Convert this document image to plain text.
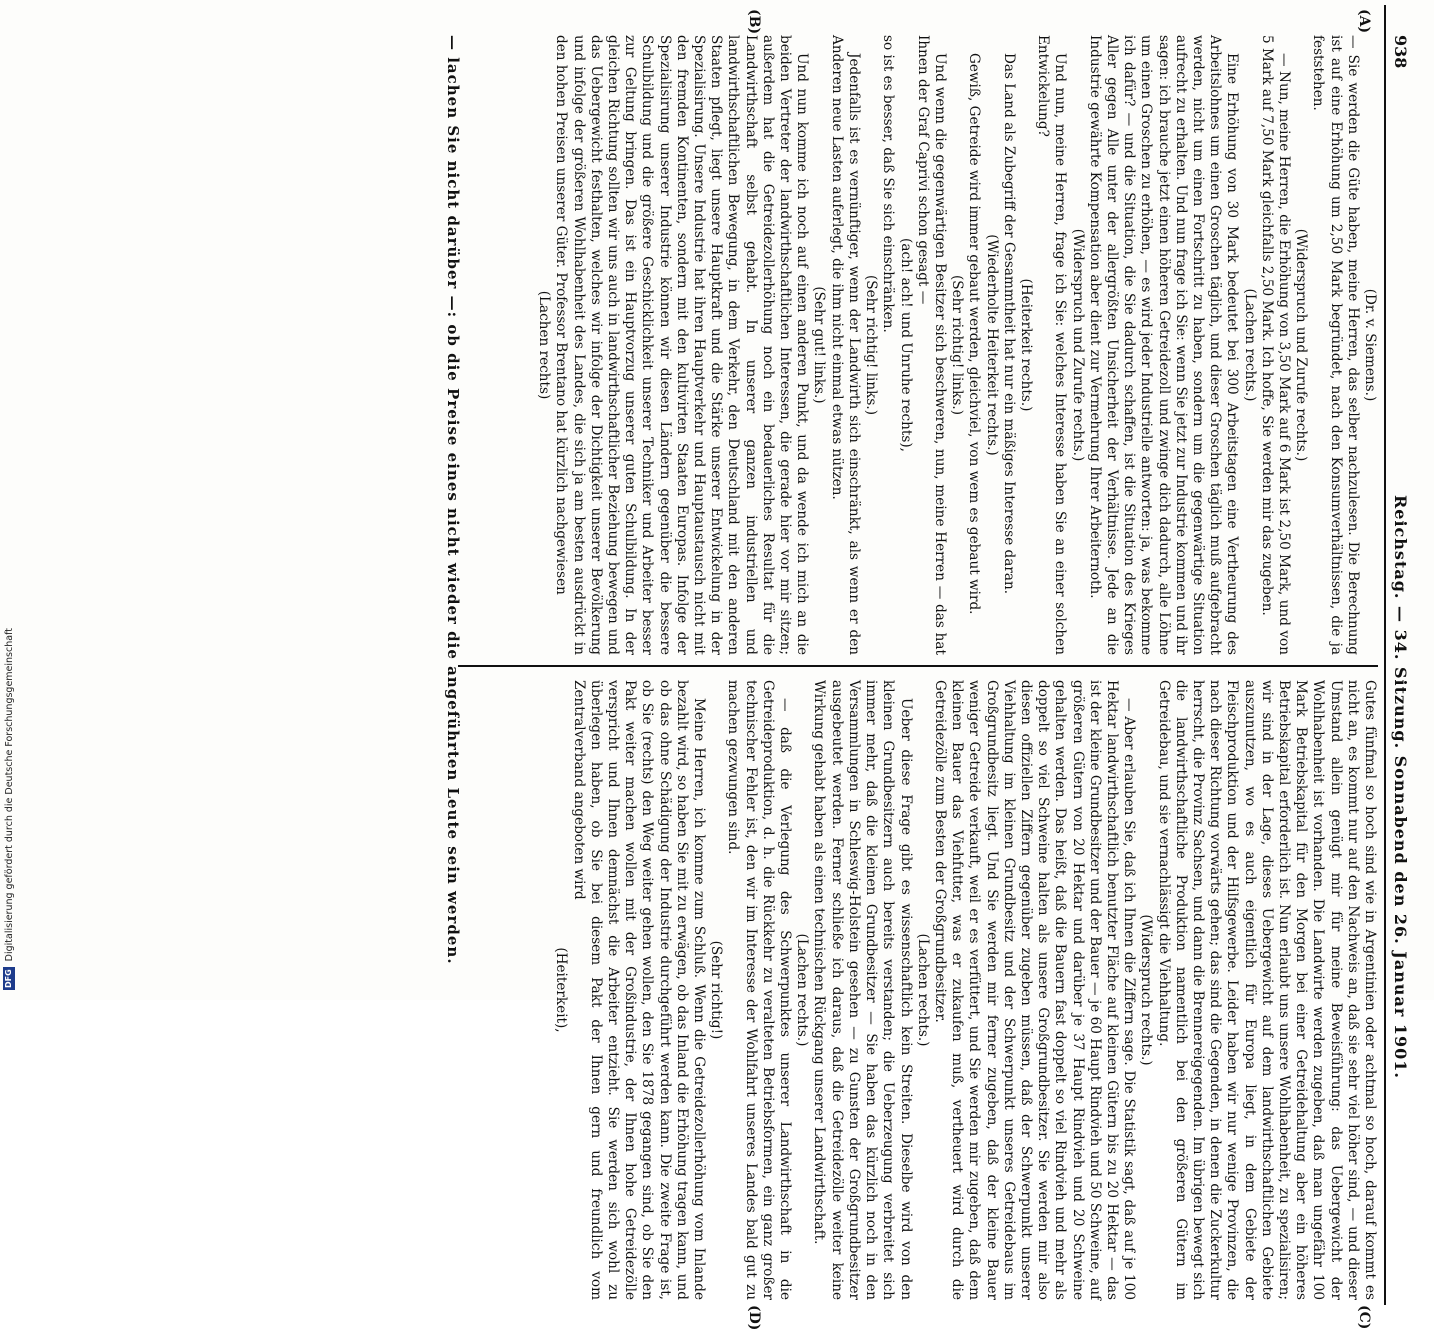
938
Reichstag. — 34. Sitzung. Sonnabend den 26. Januar 1901.
(A)
(B)
(C)
(D)

(Dr. v. Siemens.)

— Sie werden die Güte haben, meine Herren, das selber nachzulesen. Die Berechnung ist auf eine Erhöhung um 2,50 Mark begründet, nach den Konsumverhältnissen, die ja feststehen.

(Widerspruch und Zurufe rechts.)

— Nun, meine Herren, die Erhöhung von 3,50 Mark auf 6 Mark ist 2,50 Mark, und von 5 Mark auf 7,50 Mark gleichfalls 2,50 Mark. Ich hoffe, Sie werden mir das zugeben.

(Lachen rechts.)

Eine Erhöhung von 30 Mark bedeutet bei 300 Arbeitstagen eine Vertheurung des Arbeitslohnes um einen Groschen täglich, und dieser Groschen täglich muß aufgebracht werden, nicht um einen Fortschritt zu haben, sondern um die gegenwärtige Situation aufrecht zu erhalten. Und nun frage ich Sie: wenn Sie jetzt zur Industrie kommen und ihr sagen: ich brauche jetzt einen höheren Getreidezoll und zwinge dich dadurch, alle Löhne um einen Groschen zu erhöhen, — es wird jeder Industrielle antworten: ja, was bekomme ich dafür? — und die Situation, die Sie dadurch schaffen, ist die Situation des Krieges Aller gegen Alle unter der allergrößten Unsicherheit der Verhältnisse. Jede an die Industrie gewährte Kompensation aber dient zur Vermehrung Ihrer Arbeiternoth.

(Widerspruch und Zurufe rechts.)

Und nun, meine Herren, frage ich Sie: welches Interesse haben Sie an einer solchen Entwickelung?

(Heiterkeit rechts.)

Das Land als Zubegriff der Gesammtheit hat nur ein mäßiges Interesse daran.

(Wiederholte Heiterkeit rechts.)

Gewiß, Getreide wird immer gebaut werden, gleichviel, von wem es gebaut wird.

(Sehr richtig! links.)

Und wenn die gegenwärtigen Besitzer sich beschweren, nun, meine Herren — das hat Ihnen der Graf Caprivi schon gesagt —

(ach! ach! und Unruhe rechts),

so ist es besser, daß Sie sich einschränken.

(Sehr richtig! links.)

Jedenfalls ist es vernünftiger, wenn der Landwirth sich einschränkt, als wenn er den Anderen neue Lasten auferlegt, die ihm nicht einmal etwas nützen.

(Sehr gut! links.)

Und nun komme ich noch auf einen anderen Punkt, und da wende ich mich an die beiden Vertreter der landwirthschaftlichen Interessen, die gerade hier vor mir sitzen; außerdem hat die Getreidezollerhöhung noch ein bedauerliches Resultat für die Landwirthschaft selbst gehabt. In unserer ganzen industriellen und landwirthschaftlichen Bewegung, in dem Verkehr, den Deutschland mit den anderen Staaten pflegt, liegt unsere Hauptkraft und die Stärke unserer Entwickelung in der Spezialisirung. Unsere Industrie hat ihren Hauptverkehr und Hauptaustausch nicht mit den fremden Kontinenten, sondern mit den kultivirten Staaten Europas. Infolge der Spezialisirung unserer Industrie können wir diesen Ländern gegenüber die bessere Schulbildung und die größere Geschicklichkeit unserer Techniker und Arbeiter besser zur Geltung bringen. Das ist ein Hauptvorzug unserer guten Schulbildung. In der gleichen Richtung sollten wir uns auch in landwirthschaftlicher Beziehung bewegen und das Uebergewicht festhalten, welches wir infolge der Dichtigkeit unserer Bevölkerung und infolge der größeren Wohlhabenheit des Landes, die sich ja am besten ausdrückt in den hohen Preisen unserer Güter. Professor Brentano hat kürzlich nachgewiesen

(Lachen rechts)

Gutes fünfmal so hoch sind wie in Argentinien oder achtmal so hoch, darauf kommt es nicht an, es kommt nur auf den Nachweis an, daß sie sehr viel höher sind, — und dieser Umstand allein genügt mir für meine Beweisführung: das Uebergewicht der Wohlhabenheit ist vorhanden. Die Landwirte werden zugeben, daß man ungefähr 100 Mark Betriebskapital für den Morgen bei einer Getreidehaltung aber ein höheres Betriebskapital erforderlich ist. Nun erlaubt uns unsere Wohlhabenheit, zu spezialisiren; wir sind in der Lage, dieses Uebergewicht auf dem landwirthschaftlichen Gebiete auszunutzen, wo es auch eigentlich für Europa liegt, in dem Gebiete der Fleischproduktion und der Hilfsgewerbe. Leider haben wir nur wenige Provinzen, die nach dieser Richtung vorwärts gehen; das sind die Gegenden, in denen die Zuckerkultur herrscht, die Provinz Sachsen, und dann die Brennereigegenden. Im übrigen bewegt sich die landwirthschaftliche Produktion namentlich bei den größeren Gütern im Getreidebau, und sie vernachlässigt die Viehhaltung.

(Widerspruch rechts.)

— Aber erlauben Sie, daß ich Ihnen die Ziffern sage. Die Statistik sagt, daß auf je 100 Hektar landwirthschaftlich benutzter Fläche auf kleinen Gütern bis zu 20 Hektar — das ist der kleine Grundbesitzer und der Bauer — je 60 Haupt Rindvieh und 50 Schweine, auf größeren Gütern von 20 Hektar und darüber je 37 Haupt Rindvieh und 20 Schweine gehalten werden. Das heißt, daß die Bauern fast doppelt so viel Rindvieh und mehr als doppelt so viel Schweine halten als unsere Großgrundbesitzer. Sie werden mir also diesen offiziellen Ziffern gegenüber zugeben müssen, daß der Schwerpunkt unserer Viehhaltung im kleinen Grundbesitz und der Schwerpunkt unseres Getreidebaus im Großgrundbesitz liegt. Und Sie werden mir ferner zugeben, daß der kleine Bauer weniger Getreide verkauft, weil er es verfüttert, und Sie werden mir zugeben, daß dem kleinen Bauer das Viehfutter, was er zukaufen muß, vertheuert wird durch die Getreidezölle zum Besten der Großgrundbesitzer.

(Lachen rechts.)

Ueber diese Frage gibt es wissenschaftlich kein Streiten. Dieselbe wird von den kleinen Grundbesitzern auch bereits verstanden; die Ueberzeugung verbreitet sich immer mehr, daß die kleinen Grundbesitzer — Sie haben das kürzlich noch in den Versammlungen in Schleswig-Holstein gesehen — zu Gunsten der Großgrundbesitzer ausgebeutet werden. Ferner schließe ich daraus, daß die Getreidezölle weiter keine Wirkung gehabt haben als einen technischen Rückgang unserer Landwirthschaft.

(Lachen rechts.)

— daß die Verlegung des Schwerpunktes unserer Landwirthschaft in die Getreideproduktion, d. h. die Rückkehr zu veralteten Betriebsformen, ein ganz großer technischer Fehler ist, den wir im Interesse der Wohlfahrt unseres Landes bald gut zu machen gezwungen sind.

(Sehr richtig!)

Meine Herren, ich komme zum Schluß. Wenn die Getreidezollerhöhung vom Inlande bezahlt wird, so haben Sie mit zu erwägen, ob das Inland die Erhöhung tragen kann, und ob das ohne Schädigung der Industrie durchgeführt werden kann. Die zweite Frage ist, ob Sie (rechts) den Weg weiter gehen wollen, den Sie 1878 gegangen sind, ob Sie den Pakt weiter machen wollen mit der Großindustrie, der Ihnen hohe Getreidezölle verspricht und Ihnen demnächst die Arbeiter entzieht. Sie werden sich wohl zu überlegen haben, ob Sie bei diesem Pakt der Ihnen gern und freundlich vom Zentralverband angeboten wird

(Heiterkeit),

— lachen Sie nicht darüber —: ob die Preise eines nicht wieder die angeführten Leute sein werden.
DFG
Digitalisierung gefördert durch die Deutsche Forschungsgemeinschaft
